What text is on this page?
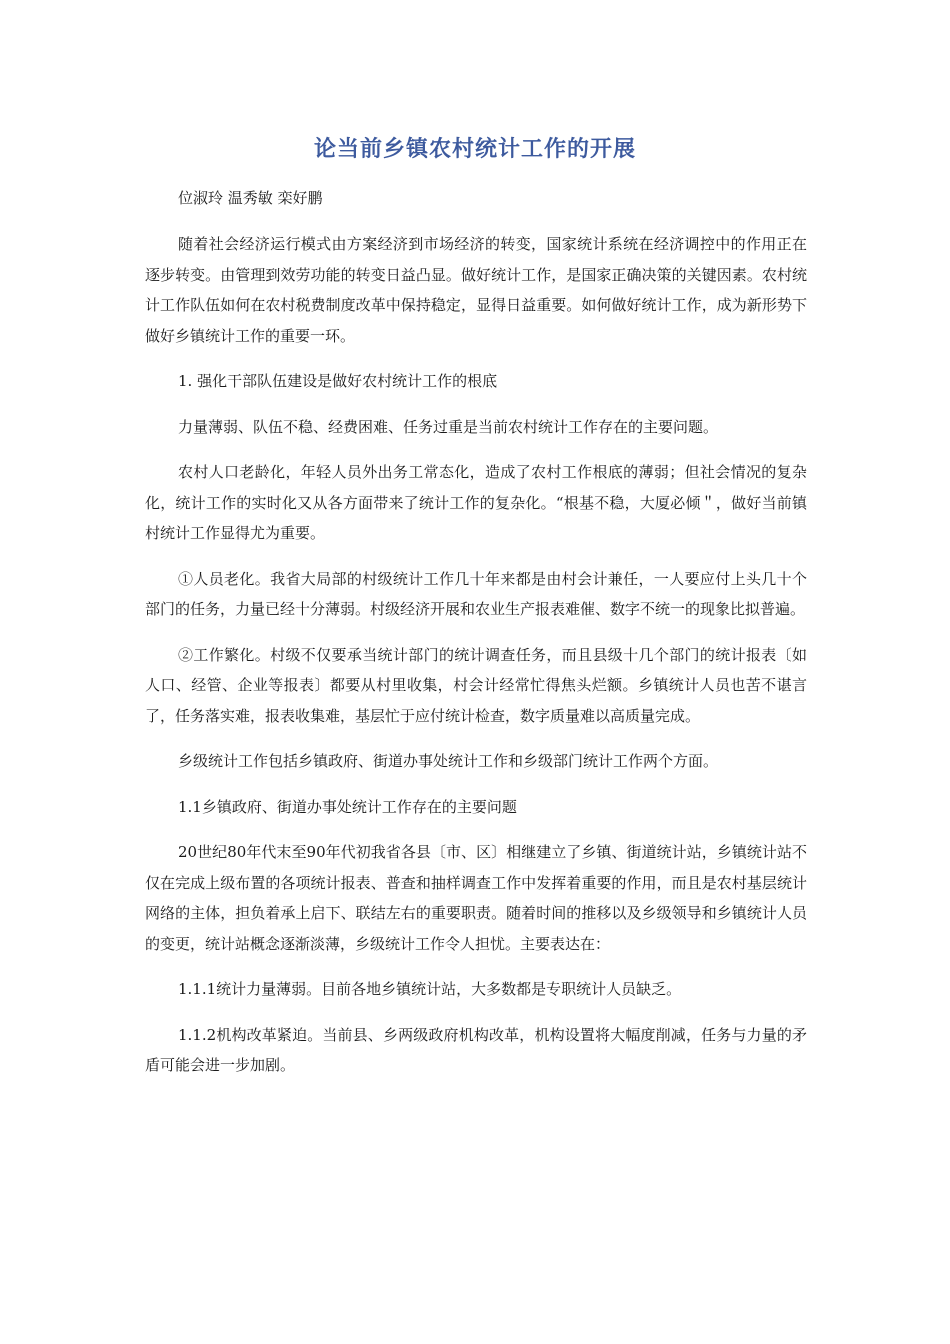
论当前乡镇农村统计工作的开展
位淑玲 温秀敏 栾好鹏

随着社会经济运行模式由方案经济到市场经济的转变，国家统计系统在经济调控中的作用正在逐步转变。由管理到效劳功能的转变日益凸显。做好统计工作，是国家正确决策的关键因素。农村统计工作队伍如何在农村税费制度改革中保持稳定，显得日益重要。如何做好统计工作，成为新形势下做好乡镇统计工作的重要一环。

1. 强化干部队伍建设是做好农村统计工作的根底

力量薄弱、队伍不稳、经费困难、任务过重是当前农村统计工作存在的主要问题。

农村人口老龄化，年轻人员外出务工常态化，造成了农村工作根底的薄弱；但社会情况的复杂化，统计工作的实时化又从各方面带来了统计工作的复杂化。“根基不稳，大厦必倾＂，做好当前镇村统计工作显得尤为重要。

①人员老化。我省大局部的村级统计工作几十年来都是由村会计兼任，一人要应付上头几十个部门的任务，力量已经十分薄弱。村级经济开展和农业生产报表难催、数字不统一的现象比拟普遍。

②工作繁化。村级不仅要承当统计部门的统计调查任务，而且县级十几个部门的统计报表〔如人口、经管、企业等报表〕都要从村里收集，村会计经常忙得焦头烂额。乡镇统计人员也苦不谌言了，任务落实难，报表收集难，基层忙于应付统计检查，数字质量难以高质量完成。

乡级统计工作包括乡镇政府、街道办事处统计工作和乡级部门统计工作两个方面。

1.1乡镇政府、街道办事处统计工作存在的主要问题

20世纪80年代末至90年代初我省各县〔市、区〕相继建立了乡镇、街道统计站，乡镇统计站不仅在完成上级布置的各项统计报表、普查和抽样调查工作中发挥着重要的作用，而且是农村基层统计网络的主体，担负着承上启下、联结左右的重要职责。随着时间的推移以及乡级领导和乡镇统计人员的变更，统计站概念逐渐淡薄，乡级统计工作令人担忧。主要表达在：

1.1.1统计力量薄弱。目前各地乡镇统计站，大多数都是专职统计人员缺乏。

1.1.2机构改革紧迫。当前县、乡两级政府机构改革，机构设置将大幅度削减，任务与力量的矛盾可能会进一步加剧。
